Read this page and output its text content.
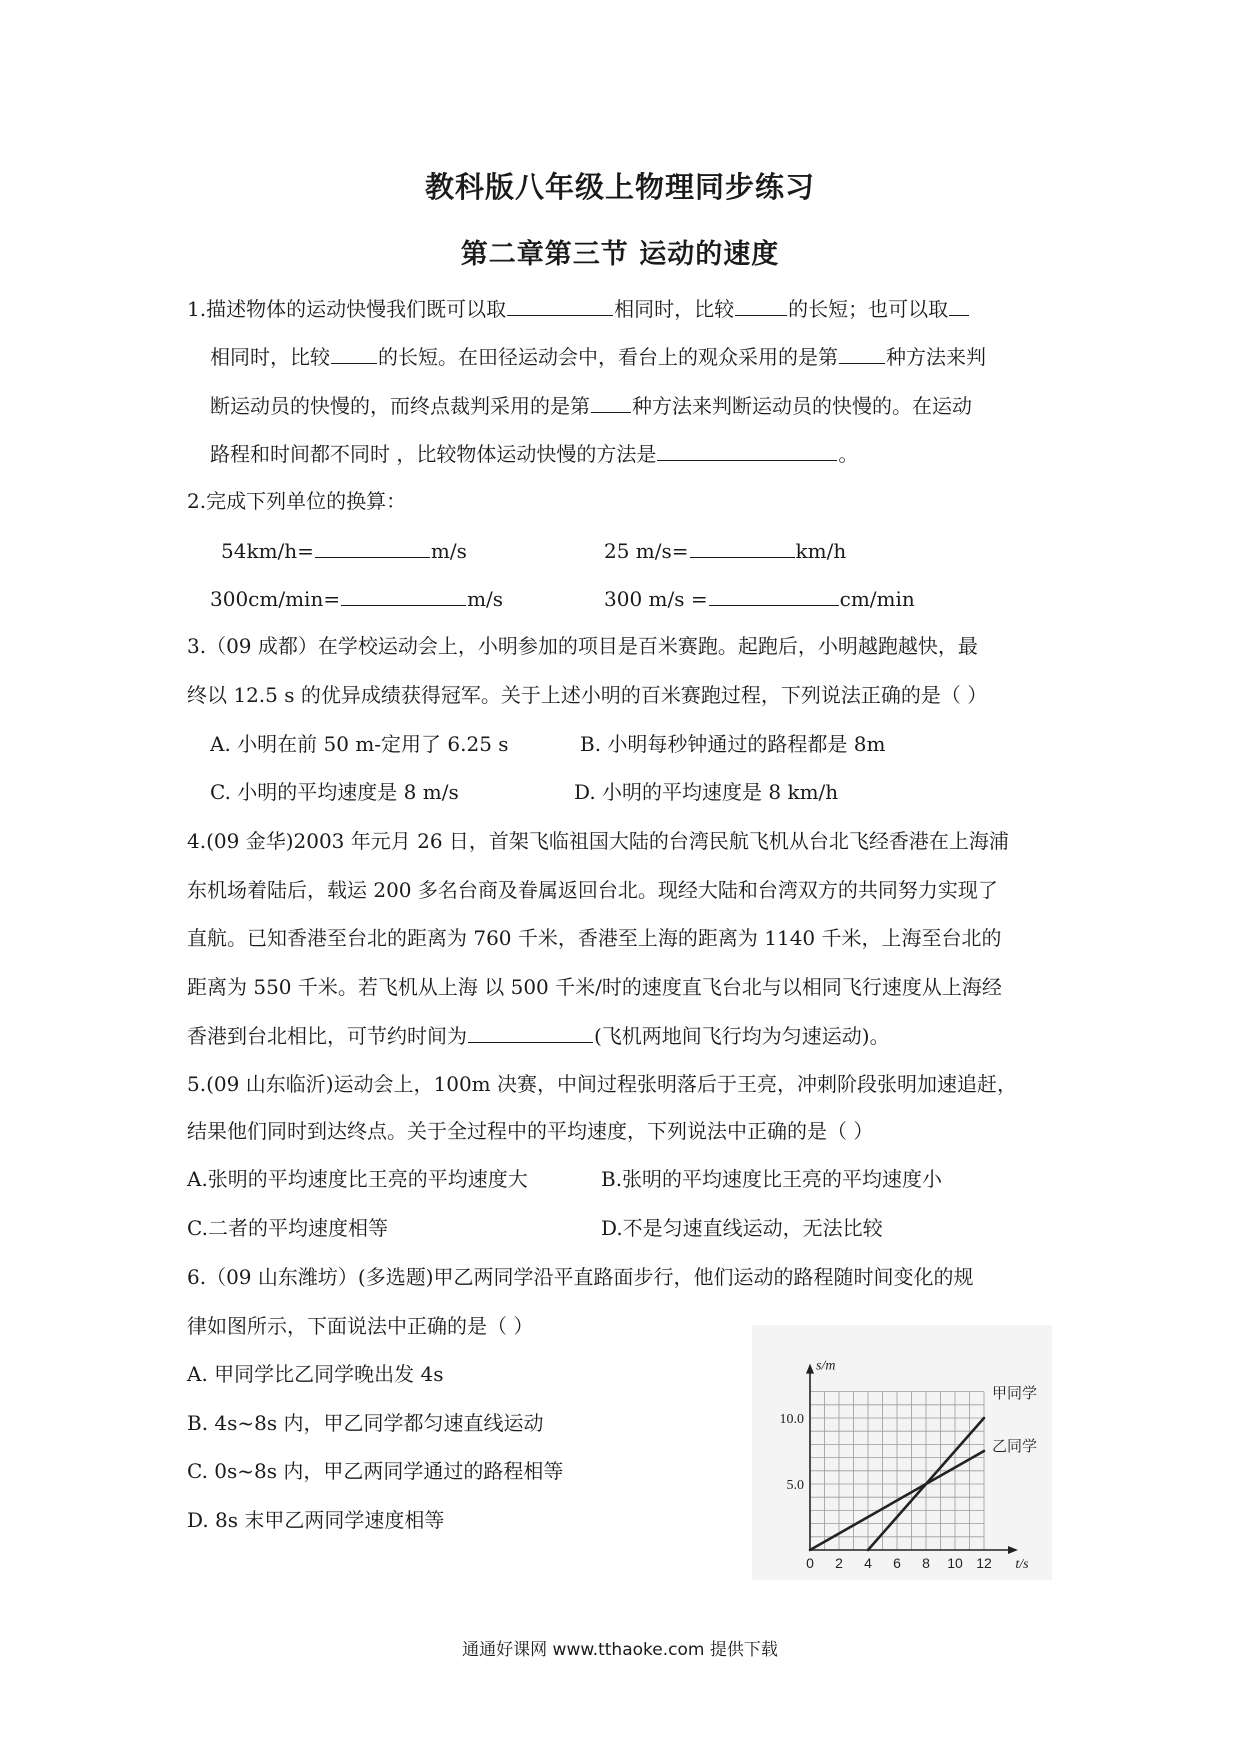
教科版八年级上物理同步练习
第二章第三节 运动的速度
1.描述物体的运动快慢我们既可以取	相同时，比较	的长短；也可以取
相同时，比较 的长短。在田径运动会中，看台上的观众采用的是第 种方法来判
断运动员的快慢的，而终点裁判采用的是第 种方法来判断运动员的快慢的。在运动
路程和时间都不同时 ，比较物体运动快慢的方法是	。
2.完成下列单位的换算：
54km/h=	m/s	25 m/s=	km/h
300cm/min=	m/s	300 m/s =	cm/min
3.（09 成都）在学校运动会上，小明参加的项目是百米赛跑。起跑后，小明越跑越快，最
终以 12.5 s 的优异成绩获得冠军。关于上述小明的百米赛跑过程，下列说法正确的是（ ）
A. 小明在前 50 m-定用了 6.25 s	B. 小明每秒钟通过的路程都是 8m
C. 小明的平均速度是 8 m/s	D. 小明的平均速度是 8 km/h
4.(09 金华)2003 年元月 26 日，首架飞临祖国大陆的台湾民航飞机从台北飞经香港在上海浦
东机场着陆后，载运 200 多名台商及眷属返回台北。现经大陆和台湾双方的共同努力实现了
直航。已知香港至台北的距离为 760 千米，香港至上海的距离为 1140 千米，上海至台北的
距离为 550 千米。若飞机从上海 以 500 千米/时的速度直飞台北与以相同飞行速度从上海经
香港到台北相比，可节约时间为	(飞机两地间飞行均为匀速运动)。
5.(09 山东临沂)运动会上，100m 决赛，中间过程张明落后于王亮，冲刺阶段张明加速追赶，
结果他们同时到达终点。关于全过程中的平均速度，下列说法中正确的是（ ）
A.张明的平均速度比王亮的平均速度大	B.张明的平均速度比王亮的平均速度小
C.二者的平均速度相等	D.不是匀速直线运动，无法比较
6.（09 山东潍坊）(多选题)甲乙两同学沿平直路面步行，他们运动的路程随时间变化的规
律如图所示，下面说法中正确的是（ ）
A. 甲同学比乙同学晚出发 4s
B. 4s~8s 内，甲乙同学都匀速直线运动
C. 0s~8s 内，甲乙两同学通过的路程相等
D. 8s 末甲乙两同学速度相等
0 2 4 6 8 10 12
5.0
10.0
t/s
s/m
甲同学
乙同学
通通好课网 www.tthaoke.com 提供下载
